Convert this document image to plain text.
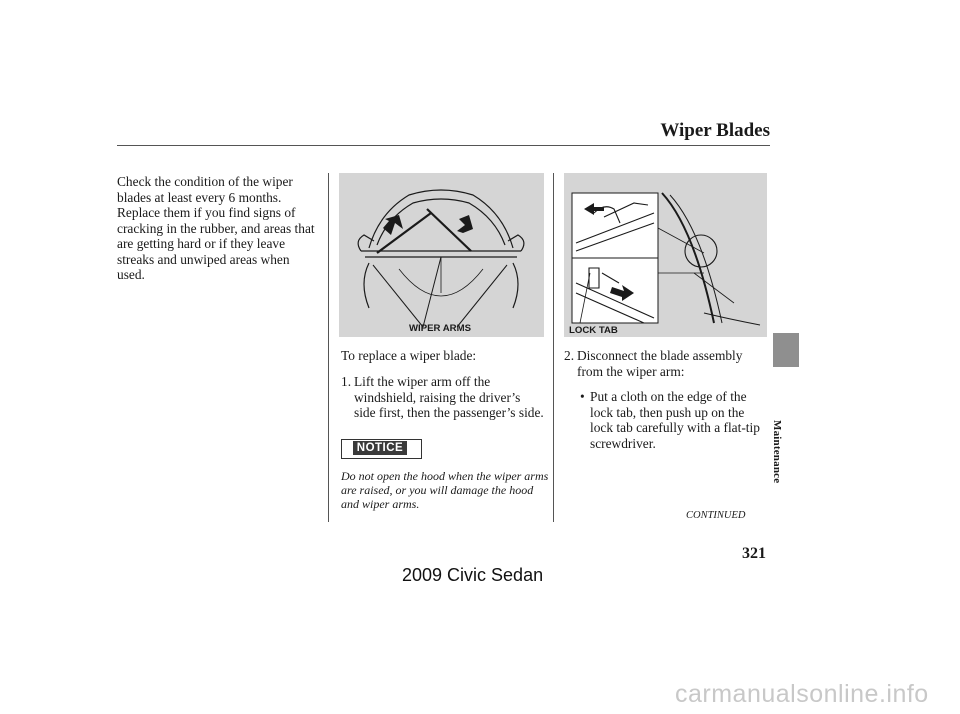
Wiper Blades
Maintenance
Check the condition of the wiper blades at least every 6 months. Replace them if you find signs of cracking in the rubber, and areas that are getting hard or if they leave streaks and unwiped areas when used.
WIPER ARMS	LOCK TAB
To replace a wiper blade:
1. Lift the wiper arm off the windshield, raising the driver’s side first, then the passenger’s side.
NOTICE
Do not open the hood when the wiper arms are raised, or you will damage the hood and wiper arms.
2. Disconnect the blade assembly from the wiper arm:
• Put a cloth on the edge of the lock tab, then push up on the lock tab carefully with a flat-tip screwdriver.
CONTINUED
321
2009 Civic Sedan
carmanualsonline.info
